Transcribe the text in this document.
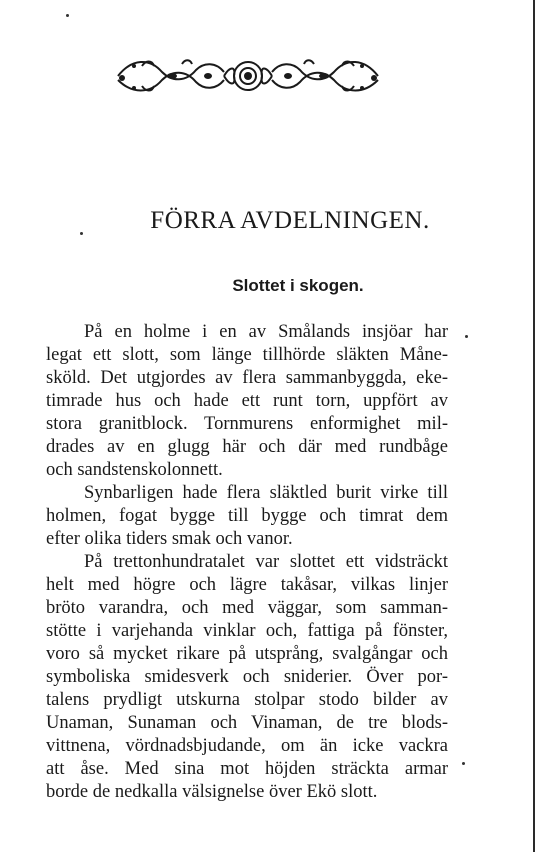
FÖRRA AVDELNINGEN.
Slottet i skogen.
På en holme i en av Smålands insjöar har
legat ett slott, som länge tillhörde släkten Måne-
sköld. Det utgjordes av flera sammanbyggda, eke-
timrade hus och hade ett runt torn, uppfört av
stora granitblock. Tornmurens enformighet mil-
drades av en glugg här och där med rundbåge
och sandstenskolonnett.
Synbarligen hade flera släktled burit virke till
holmen, fogat bygge till bygge och timrat dem
efter olika tiders smak och vanor.
På trettonhundratalet var slottet ett vidsträckt
helt med högre och lägre takåsar, vilkas linjer
bröto varandra, och med väggar, som samman-
stötte i varjehanda vinklar och, fattiga på fönster,
voro så mycket rikare på utsprång, svalgångar och
symboliska smidesverk och sniderier. Över por-
talens prydligt utskurna stolpar stodo bilder av
Unaman, Sunaman och Vinaman, de tre blods-
vittnena, vördnadsbjudande, om än icke vackra
att åse. Med sina mot höjden sträckta armar
borde de nedkalla välsignelse över Ekö slott.
